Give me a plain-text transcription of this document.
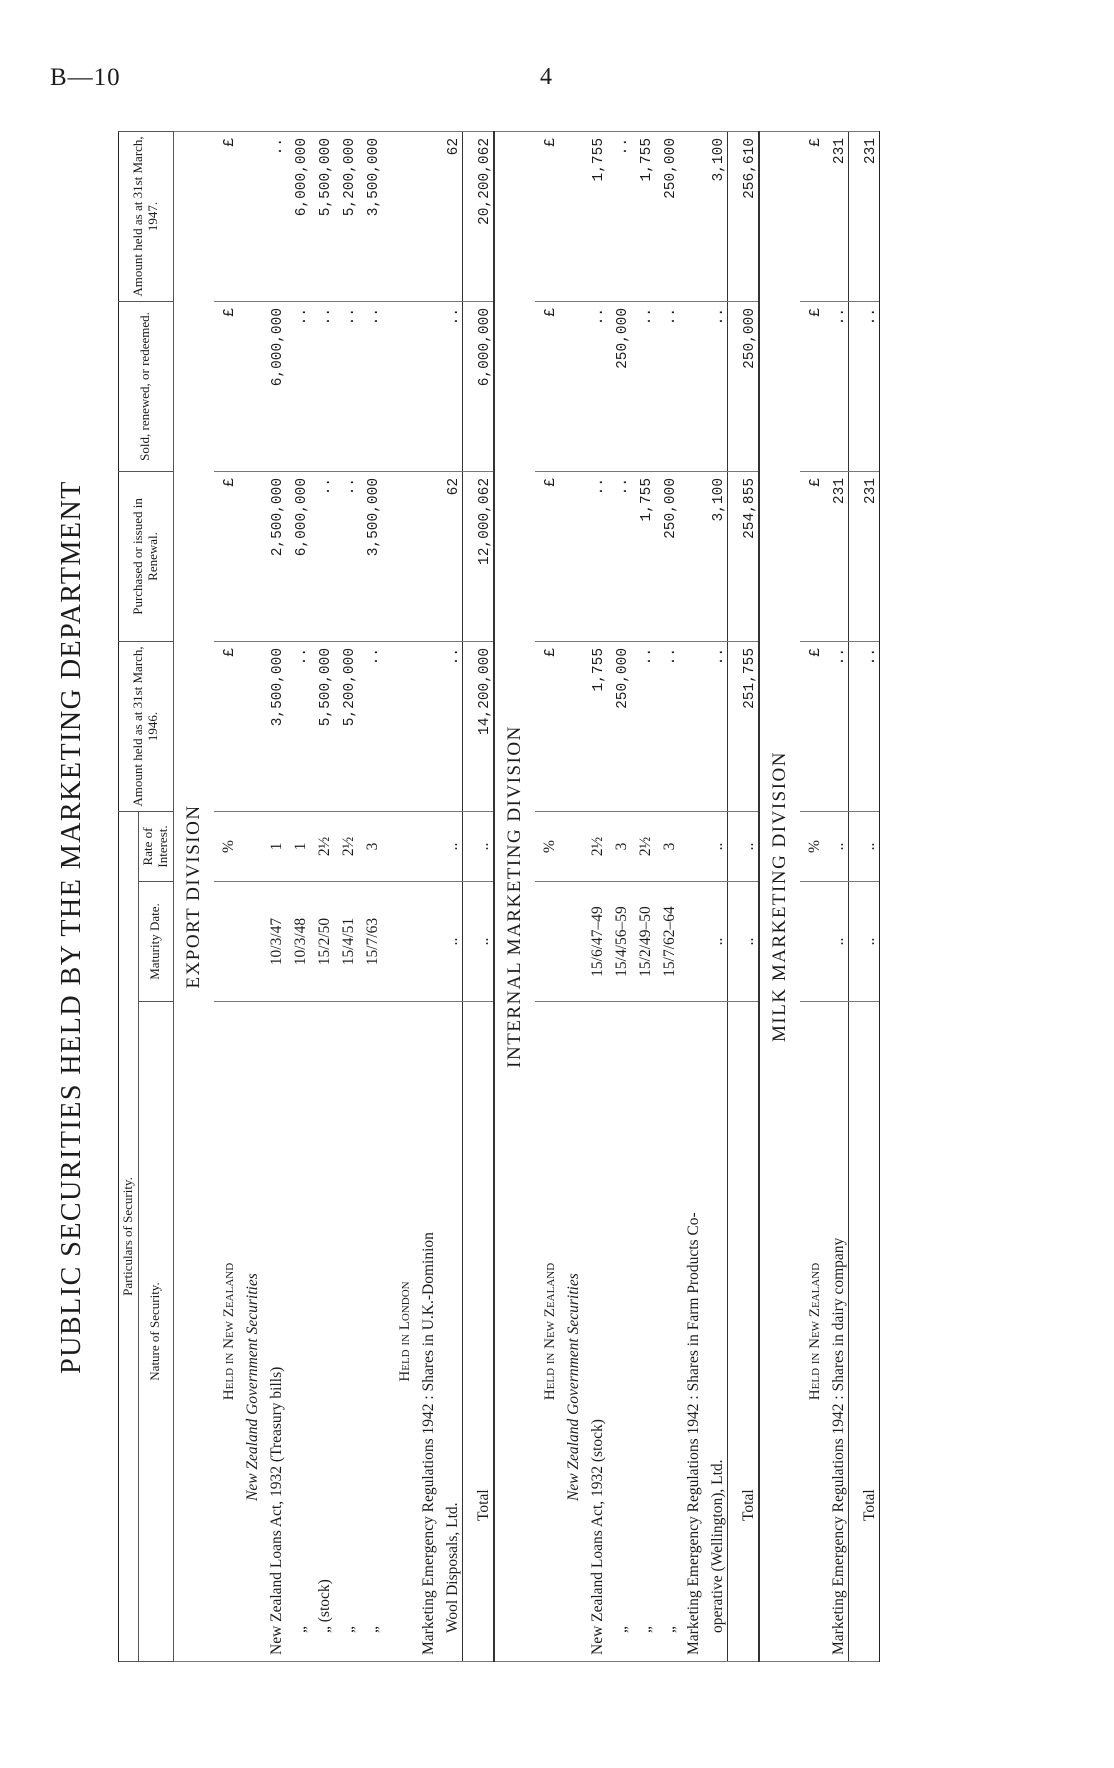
B—10	4
PUBLIC SECURITIES HELD BY THE MARKETING DEPARTMENT	Particulars of Security.			Amount held as at 31st March, 1946.	Purchased or issued in Renewal.	Sold, renewed, or redeemed.	Amount held as at 31st March, 1947.
Nature of Security.	Maturity Date.	Rate of Interest.				
EXPORT DIVISION						
Held in New Zealand		%	£	£	£	£
New Zealand Government Securities						
New Zealand Loans Act, 1932 (Treasury bills)	10/3/47	1	3,500,000	2,500,000	6,000,000	..
„	10/3/48	1	..	6,000,000	..	6,000,000
„ (stock)	15/2/50	2½	5,500,000	..	..	5,500,000
„	15/4/51	2½	5,200,000	..	..	5,200,000
„	15/7/63	3	..	3,500,000	..	3,500,000

Held in London						
Marketing Emergency Regulations 1942 : Shares in U.K.-Dominion						
Wool Disposals, Ltd.	..	..	..	62	..	62
Total	..	..	14,200,000	12,000,062	6,000,000	20,200,062
INTERNAL MARKETING DIVISION						
Held in New Zealand		%	£	£	£	£
New Zealand Government Securities						
New Zealand Loans Act, 1932 (stock)	15/6/47–49	2½	1,755	..	..	1,755
„	15/4/56–59	3	250,000	..	250,000	..
„	15/2/49–50	2½	..	1,755	..	1,755
„	15/7/62–64	3	..	250,000	..	250,000
Marketing Emergency Regulations 1942 : Shares in Farm Products Co-						
operative (Wellington), Ltd.	..	..	..	3,100	..	3,100
Total	..	..	251,755	254,855	250,000	256,610
MILK MARKETING DIVISION						
Held in New Zealand		%	£	£	£	£
Marketing Emergency Regulations 1942 : Shares in dairy company	..	..	..	231	..	231
Total	..	..	..	231	..	231
